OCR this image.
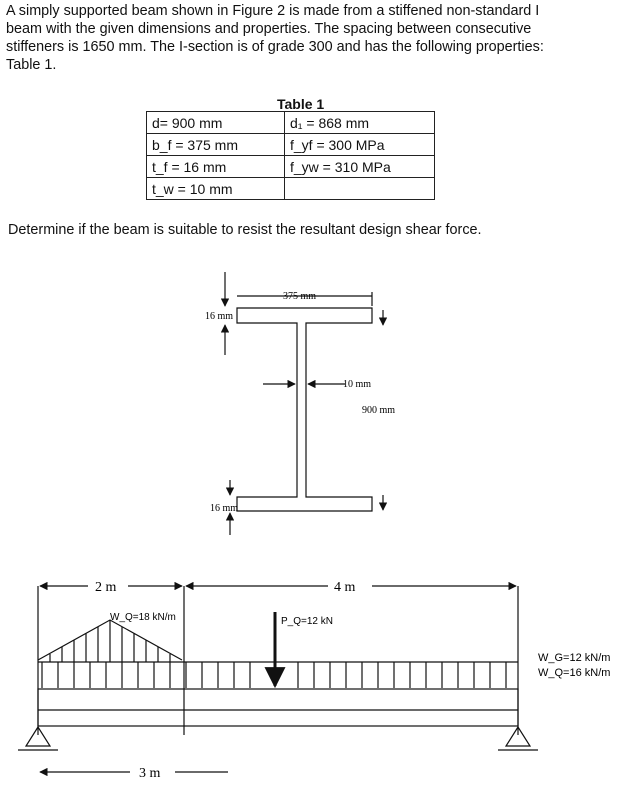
A simply supported beam shown in Figure 2 is made from a stiffened non-standard I
beam with the given dimensions and properties. The spacing between consecutive
stiffeners is 1650 mm. The I-section is of grade 300 and has the following properties:
Table 1.

Table 1
d= 900 mm	d₁ = 868 mm
b_f = 375 mm	f_yf = 300 MPa
t_f = 16 mm	f_yw = 310 MPa
t_w = 10 mm	

Determine if the beam is suitable to resist the resultant design shear force.

375 mm
16 mm
10 mm
900 mm
16 mm
2 m	4 m
3 m
W_Q=18 kN/m	P_Q=12 kN
W_G=12 kN/m
W_Q=16 kN/m
